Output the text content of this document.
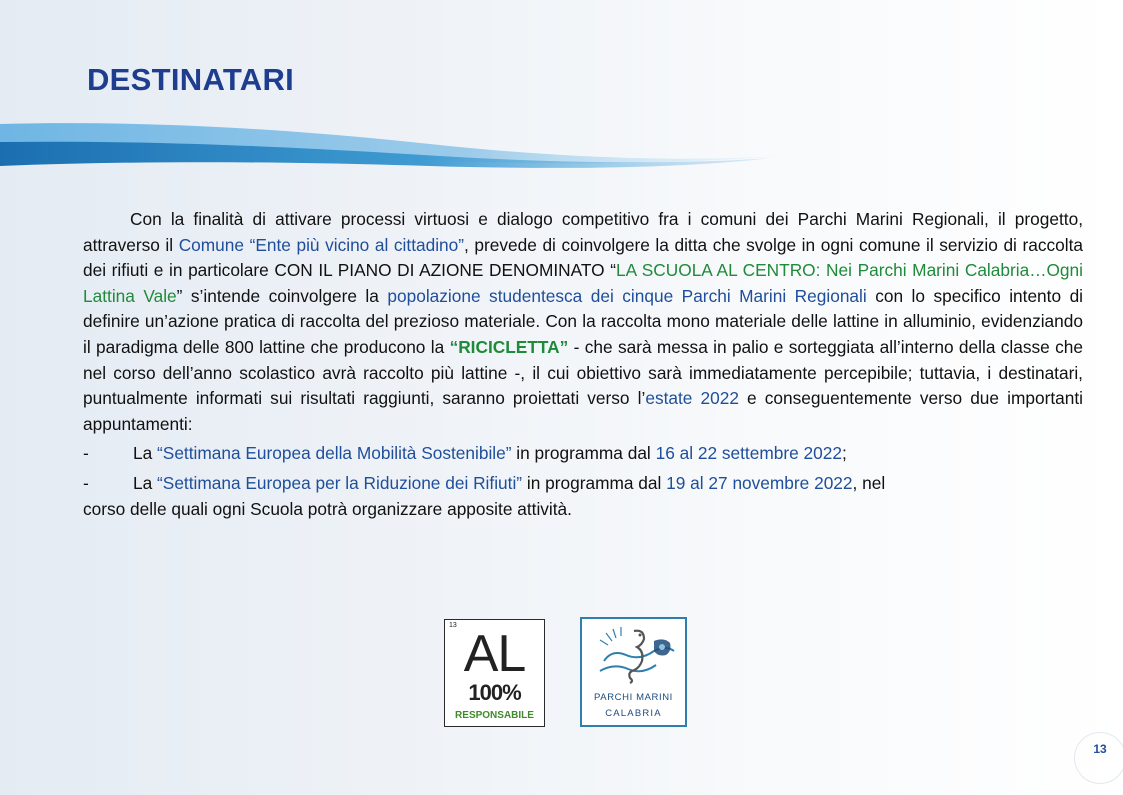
DESTINATARI

Con la finalità di attivare processi virtuosi e dialogo competitivo fra i comuni dei Parchi Marini Regionali, il progetto, attraverso il Comune “Ente più vicino al cittadino”, prevede di coinvolgere la ditta che svolge in ogni comune il servizio di raccolta dei rifiuti e in particolare CON IL PIANO DI AZIONE DENOMINATO “LA SCUOLA AL CENTRO: Nei Parchi Marini Calabria…Ogni Lattina Vale” s’intende coinvolgere la popolazione studentesca dei cinque Parchi Marini Regionali con lo specifico intento di definire un’azione pratica di raccolta del prezioso materiale. Con la raccolta mono materiale delle lattine in alluminio, evidenziando il paradigma delle 800 lattine che producono la “RICICLETTA” - che sarà messa in palio e sorteggiata all’interno della classe che nel corso dell’anno scolastico avrà raccolto più lattine -, il cui obiettivo sarà immediatamente percepibile; tuttavia, i destinatari, puntualmente informati sui risultati raggiunti, saranno proiettati verso l’estate 2022 e conseguentemente verso due importanti appuntamenti:

-	La “Settimana Europea della Mobilità Sostenibile” in programma dal 16 al 22 settembre 2022;
-	La “Settimana Europea per la Riduzione dei Rifiuti” in programma dal 19 al 27 novembre 2022, nel

corso delle quali ogni Scuola potrà organizzare apposite attività.

13 AL
100%
RESPONSABILE
PARCHI MARINI
CALABRIA
13
